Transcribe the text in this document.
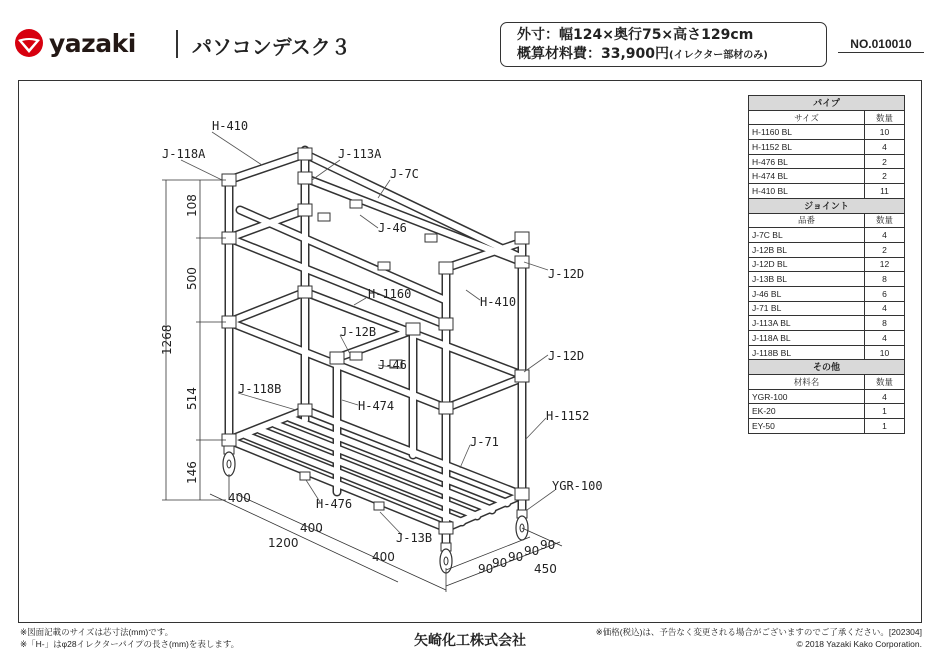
yazaki	パソコンデスク３	外寸：幅124×奥行75×高さ129cm
概算材料費：33,900円(イレクター部材のみ)
NO.010010
H-410
J-118A	J-113A
J-7C
J-46
J-12D
H-410
H-1160
J-12B
J-46
J-12D
J-118B
H-474
H-1152
J-71
YGR-100
H-476
J-13B
1268
108
500
514
146
400
400
400
1200
90
90 90 90 90
450
パイプ	
サイズ	数量
H-1160 BL	10
H-1152 BL	4
H-476 BL	2
H-474 BL	2
H-410 BL	11
ジョイント	
品番	数量
J-7C BL	4
J-12B BL	2
J-12D BL	12
J-13B BL	8
J-46 BL	6
J-71 BL	4
J-113A BL	8
J-118A BL	4
J-118B BL	10
その他	
材料名	数量
YGR-100	4
EK-20	1
EY-50	1
※図面記載のサイズは芯寸法(mm)です。
※「H-」はφ28イレクターパイプの長さ(mm)を表します。	矢崎化工株式会社
※価格(税込)は、予告なく変更される場合がございますのでご了承ください。[202304]
© 2018 Yazaki Kako Corporation.
